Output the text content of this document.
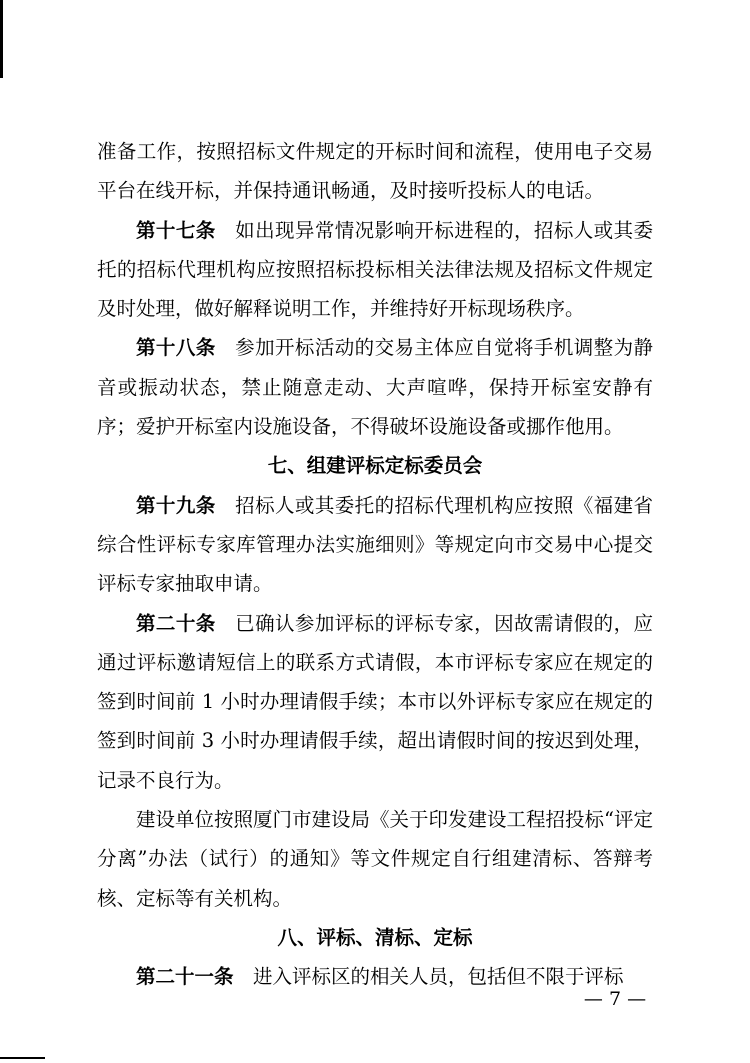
准备工作，按照招标文件规定的开标时间和流程，使用电子交易平台在线开标，并保持通讯畅通，及时接听投标人的电话。

第十七条 如出现异常情况影响开标进程的，招标人或其委托的招标代理机构应按照招标投标相关法律法规及招标文件规定及时处理，做好解释说明工作，并维持好开标现场秩序。

第十八条 参加开标活动的交易主体应自觉将手机调整为静音或振动状态，禁止随意走动、大声喧哗，保持开标室安静有序；爱护开标室内设施设备，不得破坏设施设备或挪作他用。

七、组建评标定标委员会

第十九条 招标人或其委托的招标代理机构应按照《福建省综合性评标专家库管理办法实施细则》等规定向市交易中心提交评标专家抽取申请。

第二十条 已确认参加评标的评标专家，因故需请假的，应通过评标邀请短信上的联系方式请假，本市评标专家应在规定的签到时间前 1 小时办理请假手续；本市以外评标专家应在规定的签到时间前 3 小时办理请假手续，超出请假时间的按迟到处理，记录不良行为。

建设单位按照厦门市建设局《关于印发建设工程招投标“评定分离”办法（试行）的通知》等文件规定自行组建清标、答辩考核、定标等有关机构。

八、评标、清标、定标

第二十一条 进入评标区的相关人员，包括但不限于评标

— 7 —
